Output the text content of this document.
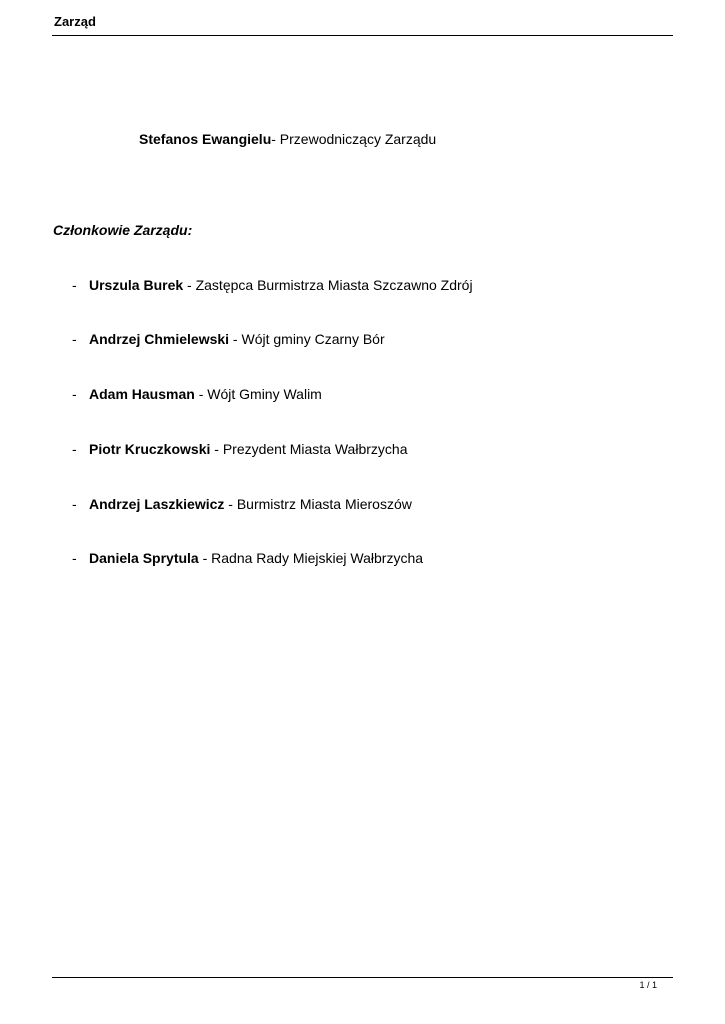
Zarząd
Stefanos Ewangielu- Przewodniczący Zarządu
Członkowie Zarządu:
- Urszula Burek - Zastępca Burmistrza Miasta Szczawno Zdrój
- Andrzej Chmielewski - Wójt gminy Czarny Bór
- Adam Hausman - Wójt Gminy Walim
- Piotr Kruczkowski - Prezydent Miasta Wałbrzycha
- Andrzej Laszkiewicz - Burmistrz Miasta Mieroszów
- Daniela Sprytula - Radna Rady Miejskiej Wałbrzycha
1 / 1
